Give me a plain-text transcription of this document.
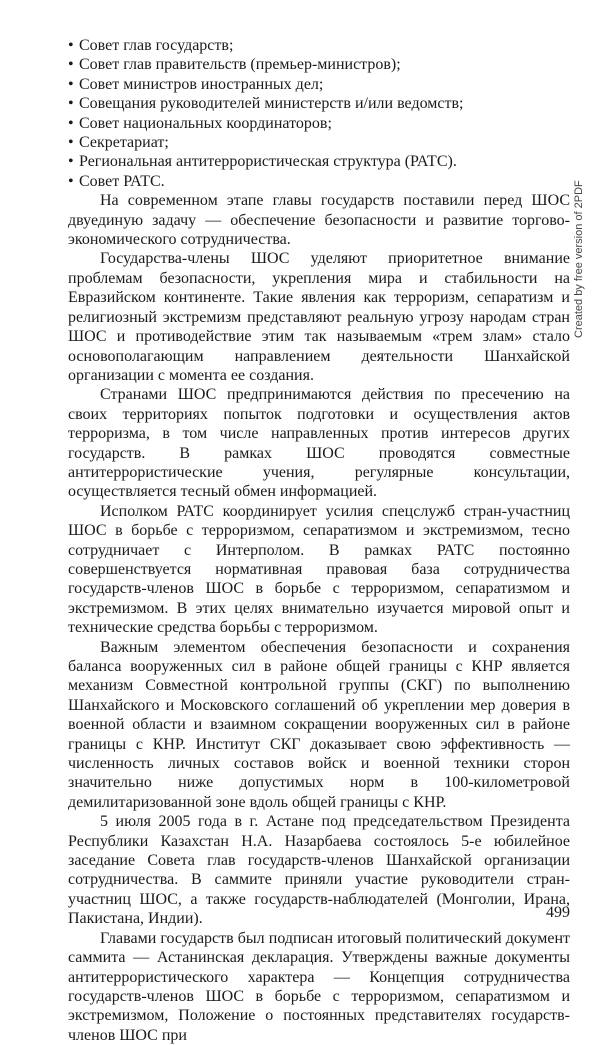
• Совет глав государств;
• Совет глав правительств (премьер-министров);
• Совет министров иностранных дел;
• Совещания руководителей министерств и/или ведомств;
• Совет национальных координаторов;
• Секретариат;
• Региональная антитеррористическая структура (РАТС).
• Совет РАТС.

На современном этапе главы государств поставили перед ШОС двуединую задачу — обеспечение безопасности и развитие торгово-экономического сотрудничества.

Государства-члены ШОС уделяют приоритетное внимание проблемам безопасности, укрепления мира и стабильности на Евразийском континенте. Такие явления как терроризм, сепаратизм и религиозный экстремизм представляют реальную угрозу народам стран ШОС и противодействие этим так называемым «трем злам» стало основополагающим направлением деятельности Шанхайской организации с момента ее создания.

Странами ШОС предпринимаются действия по пресечению на своих территориях попыток подготовки и осуществления актов терроризма, в том числе направленных против интересов других государств. В рамках ШОС проводятся совместные антитеррористические учения, регулярные консультации, осуществляется тесный обмен информацией.

Исполком РАТС координирует усилия спецслужб стран-участниц ШОС в борьбе с терроризмом, сепаратизмом и экстремизмом, тесно сотрудничает с Интерполом. В рамках РАТС постоянно совершенствуется нормативная правовая база сотрудничества государств-членов ШОС в борьбе с терроризмом, сепаратизмом и экстремизмом. В этих целях внимательно изучается мировой опыт и технические средства борьбы с терроризмом.

Важным элементом обеспечения безопасности и сохранения баланса вооруженных сил в районе общей границы с КНР является механизм Совместной контрольной группы (СКГ) по выполнению Шанхайского и Московского соглашений об укреплении мер доверия в военной области и взаимном сокращении вооруженных сил в районе границы с КНР. Институт СКГ доказывает свою эффективность — численность личных составов войск и военной техники сторон значительно ниже допустимых норм в 100-километровой демилитаризованной зоне вдоль общей границы с КНР.

5 июля 2005 года в г. Астане под председательством Президента Республики Казахстан Н.А. Назарбаева состоялось 5-е юбилейное заседание Совета глав государств-членов Шанхайской организации сотрудничества. В саммите приняли участие руководители стран-участниц ШОС, а также государств-наблюдателей (Монголии, Ирана, Пакистана, Индии).

Главами государств был подписан итоговый политический документ саммита — Астанинская декларация. Утверждены важные документы антитеррористического характера — Концепция сотрудничества государств-членов ШОС в борьбе с терроризмом, сепаратизмом и экстремизмом, Положение о постоянных представителях государств-членов ШОС при

499
Created by free version of 2PDF
